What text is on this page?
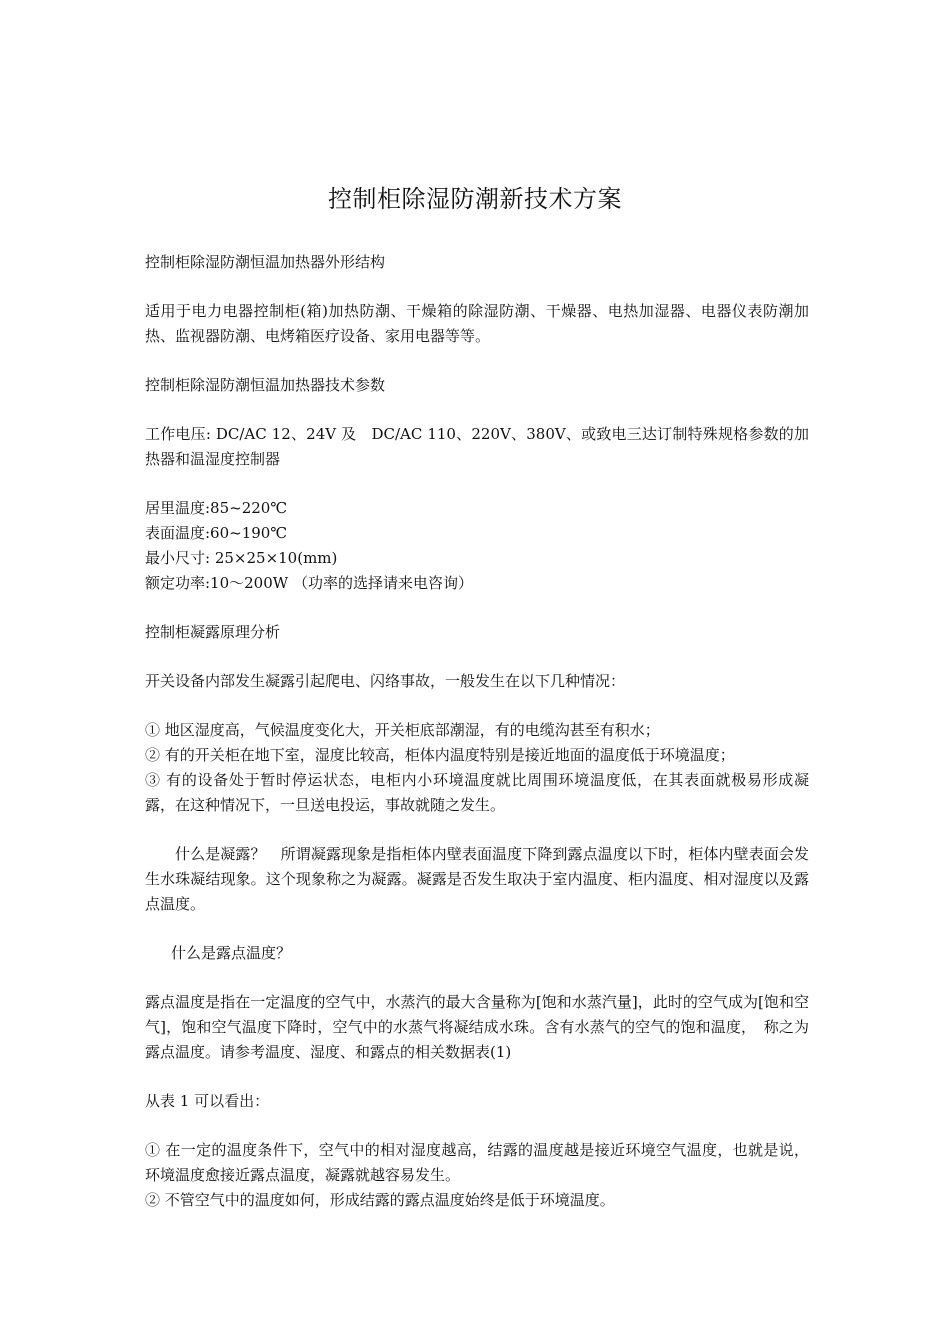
控制柜除湿防潮新技术方案

控制柜除湿防潮恒温加热器外形结构

适用于电力电器控制柜(箱)加热防潮、干燥箱的除湿防潮、干燥器、电热加湿器、电器仪表防潮加热、监视器防潮、电烤箱医疗设备、家用电器等等。

控制柜除湿防潮恒温加热器技术参数

工作电压: DC/AC 12、24V 及　DC/AC 110、220V、380V、或致电三达订制特殊规格参数的加热器和温湿度控制器

居里温度:85~220℃

表面温度:60~190℃

最小尺寸: 25×25×10(mm)

额定功率:10～200W （功率的选择请来电咨询）

控制柜凝露原理分析

开关设备内部发生凝露引起爬电、闪络事故，一般发生在以下几种情况：

① 地区湿度高，气候温度变化大，开关柜底部潮湿，有的电缆沟甚至有积水；

② 有的开关柜在地下室，湿度比较高，柜体内温度特别是接近地面的温度低于环境温度；

③ 有的设备处于暂时停运状态，电柜内小环境温度就比周围环境温度低，在其表面就极易形成凝露，在这种情况下，一旦送电投运，事故就随之发生。

什么是凝露？　所谓凝露现象是指柜体内壁表面温度下降到露点温度以下时，柜体内壁表面会发生水珠凝结现象。这个现象称之为凝露。凝露是否发生取决于室内温度、柜内温度、相对湿度以及露点温度。

什么是露点温度？

露点温度是指在一定温度的空气中，水蒸汽的最大含量称为[饱和水蒸汽量]，此时的空气成为[饱和空气]，饱和空气温度下降时，空气中的水蒸气将凝结成水珠。含有水蒸气的空气的饱和温度，　称之为露点温度。请参考温度、湿度、和露点的相关数据表(1)

从表 1 可以看出：

① 在一定的温度条件下，空气中的相对湿度越高，结露的温度越是接近环境空气温度，也就是说，环境温度愈接近露点温度，凝露就越容易发生。

② 不管空气中的温度如何，形成结露的露点温度始终是低于环境温度。
